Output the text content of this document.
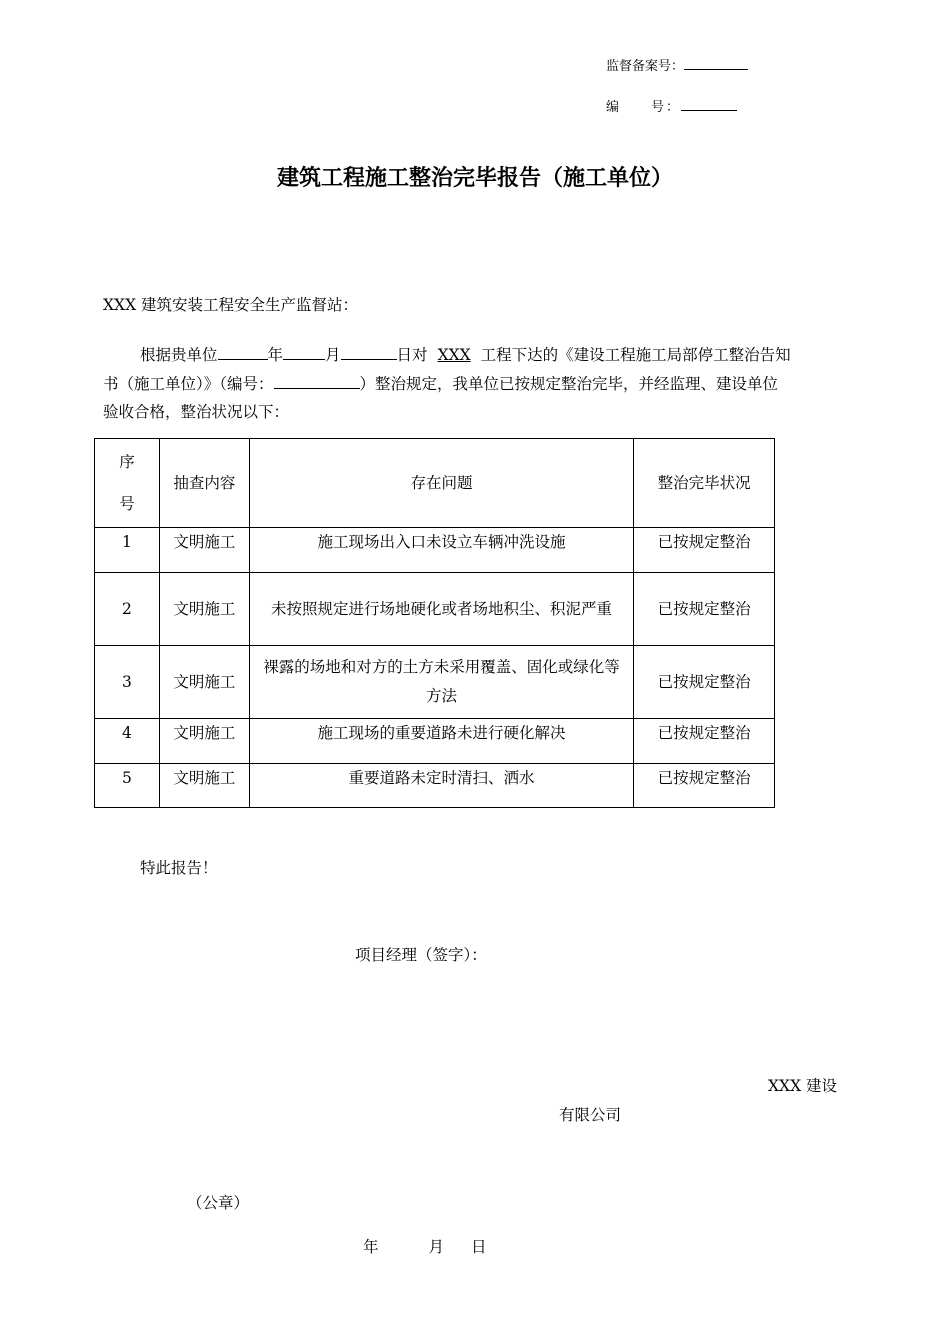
监督备案号：
编　　号：
建筑工程施工整治完毕报告（施工单位）
XXX 建筑安装工程安全生产监督站：
根据贵单位	年	月	日对 XXX 工程下达的《建设工程施工局部停工整治告知
书（施工单位）》（编号：	）整治规定，我单位已按规定整治完毕，并经监理、建设单位
验收合格，整治状况以下：
序
号	抽查内容	存在问题	整治完毕状况
1	文明施工	施工现场出入口未设立车辆冲洗设施	已按规定整治
2	文明施工	未按照规定进行场地硬化或者场地积尘、积泥严重	已按规定整治
3	文明施工	裸露的场地和对方的土方未采用覆盖、固化或绿化等方法	已按规定整治
4	文明施工	施工现场的重要道路未进行硬化解决	已按规定整治
5	文明施工	重要道路未定时清扫、洒水	已按规定整治
特此报告！
项目经理（签字）：
XXX 建设
有限公司
（公章）
年	月 日
